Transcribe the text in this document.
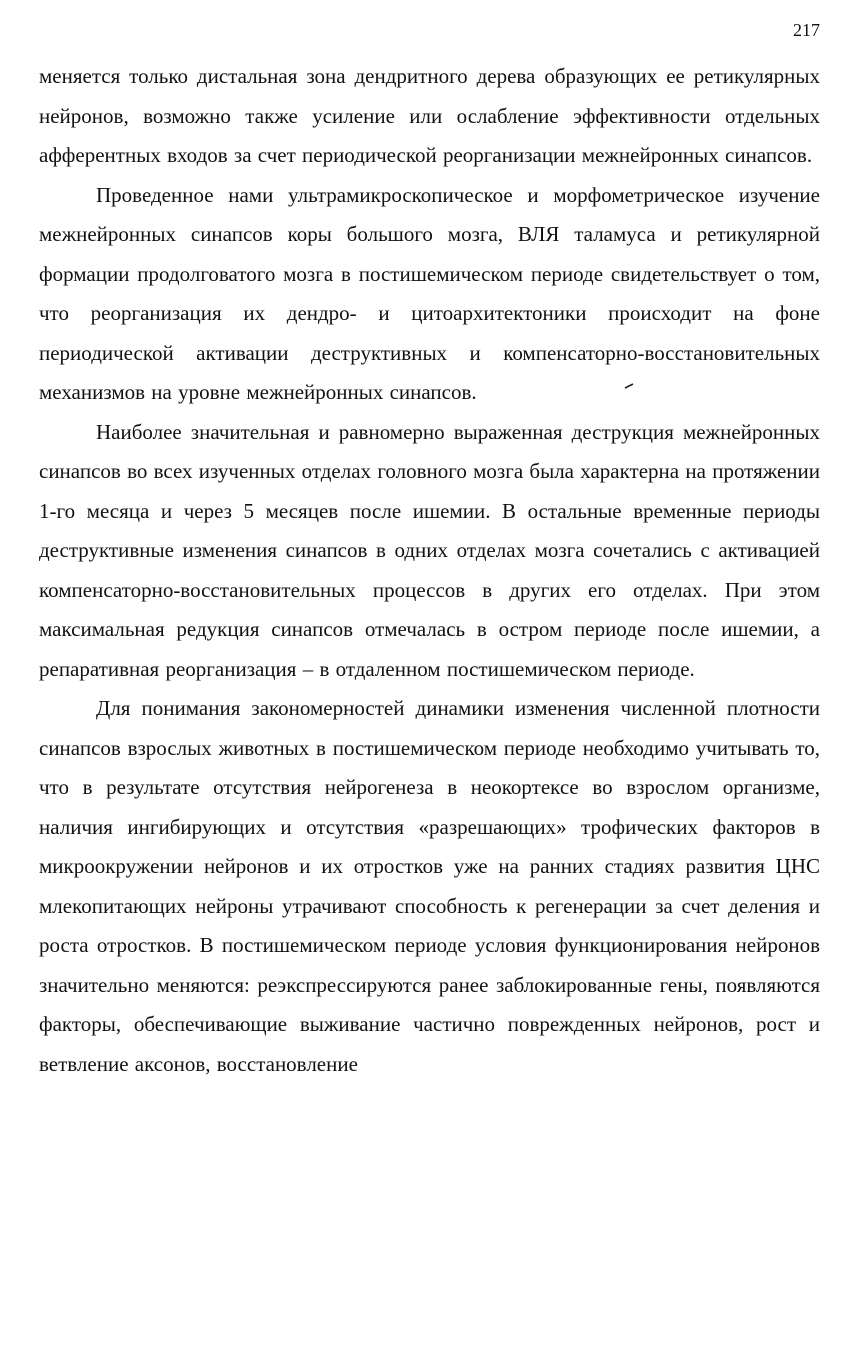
217

меняется только дистальная зона дендритного дерева образующих ее ретикулярных нейронов, возможно также усиление или ослабление эффективности отдельных афферентных входов за счет периодической реорганизации межнейронных синапсов.

Проведенное нами ультрамикроскопическое и морфометрическое изучение межнейронных синапсов коры большого мозга, ВЛЯ таламуса и ретикулярной формации продолговатого мозга в постишемическом периоде свидетельствует о том, что реорганизация их дендро- и цитоархитектоники происходит на фоне периодической активации деструктивных и компенсаторно-восстановительных механизмов на уровне межнейронных синапсов.

Наиболее значительная и равномерно выраженная деструкция межнейронных синапсов во всех изученных отделах головного мозга была характерна на протяжении 1-го месяца и через 5 месяцев после ишемии. В остальные временные периоды деструктивные изменения синапсов в одних отделах мозга сочетались с активацией компенсаторно-восстановительных процессов в других его отделах. При этом максимальная редукция синапсов отмечалась в остром периоде после ишемии, а репаративная реорганизация – в отдаленном постишемическом периоде.

Для понимания закономерностей динамики изменения численной плотности синапсов взрослых животных в постишемическом периоде необходимо учитывать то, что в результате отсутствия нейрогенеза в неокортексе во взрослом организме, наличия ингибирующих и отсутствия «разрешающих» трофических факторов в микроокружении нейронов и их отростков уже на ранних стадиях развития ЦНС млекопитающих нейроны утрачивают способность к регенерации за счет деления и роста отростков. В постишемическом периоде условия функционирования нейронов значительно меняются: реэкспрессируются ранее заблокированные гены, появляются факторы, обеспечивающие выживание частично поврежденных нейронов, рост и ветвление аксонов, восстановление
